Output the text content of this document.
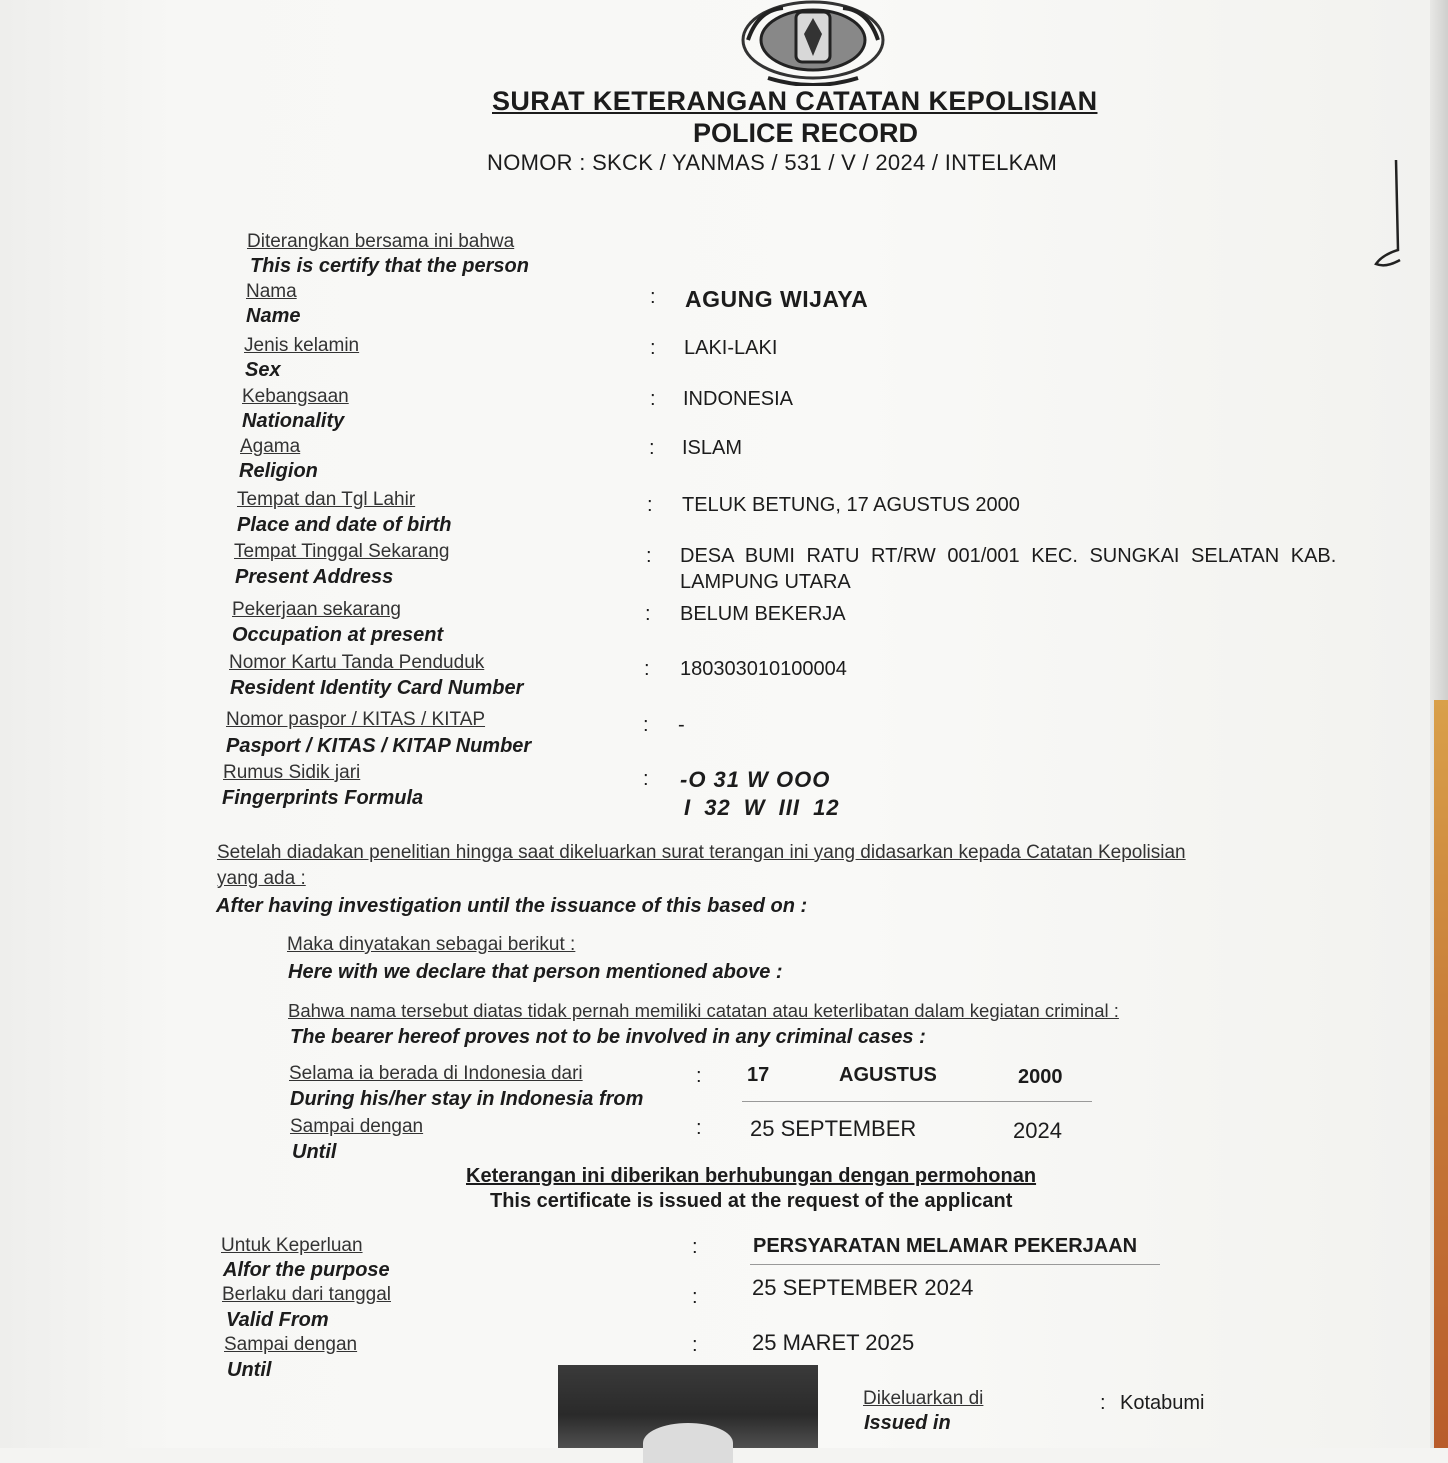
SURAT KETERANGAN CATATAN KEPOLISIAN
POLICE RECORD
NOMOR : SKCK / YANMAS / 531 / V / 2024 / INTELKAM
Diterangkan bersama ini bahwa
This is certify that the person
Nama
Name
: AGUNG WIJAYA
Jenis kelamin
Sex
: LAKI-LAKI
Kebangsaan
Nationality
: INDONESIA
Agama
Religion
: ISLAM
Tempat dan Tgl Lahir
Place and date of birth
: TELUK BETUNG, 17 AGUSTUS 2000
Tempat Tinggal Sekarang
Present Address
: DESA BUMI RATU RT/RW 001/001 KEC. SUNGKAI SELATAN KAB.
LAMPUNG UTARA
Pekerjaan sekarang
Occupation at present
: BELUM BEKERJA
Nomor Kartu Tanda Penduduk
Resident Identity Card Number
: 180303010100004
Nomor paspor / KITAS / KITAP
Pasport / KITAS / KITAP Number
: -
Rumus Sidik jari
Fingerprints Formula
: -O 31 W OOO
I 32 W III 12
Setelah diadakan penelitian hingga saat dikeluarkan surat terangan ini yang didasarkan kepada Catatan Kepolisian
yang ada :
After having investigation until the issuance of this based on :
Maka dinyatakan sebagai berikut :
Here with we declare that person mentioned above :
Bahwa nama tersebut diatas tidak pernah memiliki catatan atau keterlibatan dalam kegiatan criminal :
The bearer hereof proves not to be involved in any criminal cases :
Selama ia berada di Indonesia dari
During his/her stay in Indonesia from
: 17	AGUSTUS	2000
Sampai dengan
Until
: 25 SEPTEMBER	2024
Keterangan ini diberikan berhubungan dengan permohonan
This certificate is issued at the request of the applicant
Untuk Keperluan
Alfor the purpose
:	PERSYARATAN MELAMAR PEKERJAAN
Berlaku dari tanggal
Valid From
: 25 SEPTEMBER 2024
Sampai dengan
Until
: 25 MARET 2025
Dikeluarkan di
Issued in
: Kotabumi
